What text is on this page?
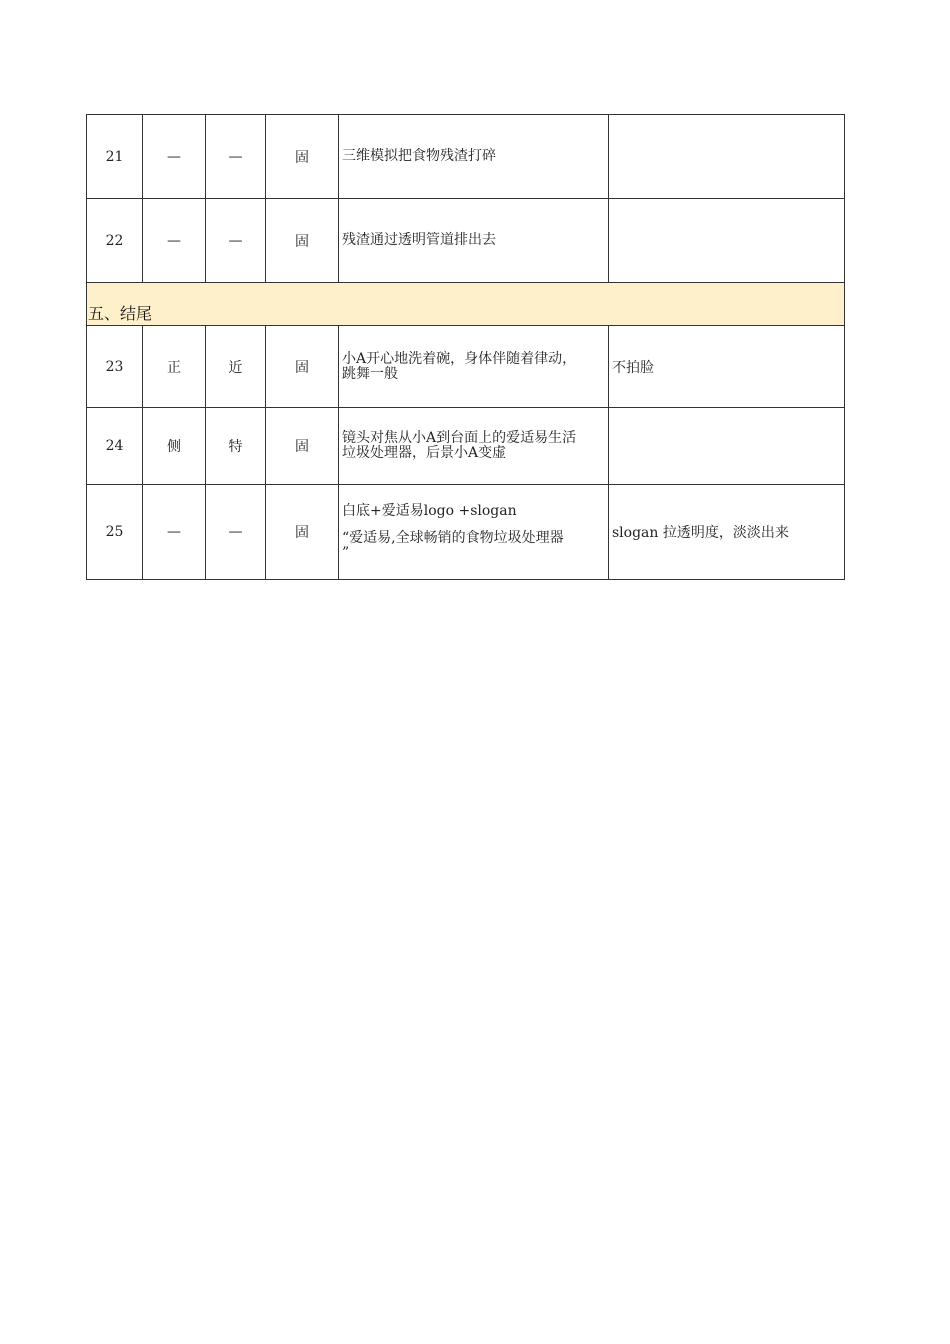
21	—	—	固	三维模拟把食物残渣打碎	

22	—	—	固	残渣通过透明管道排出去	

五、结尾					
23	正	近	固	小A开心地洗着碗，身体伴随着律动，
跳舞一般	不拍脸
24	侧	特	固	镜头对焦从小A到台面上的爱适易生活
垃圾处理器，后景小A变虚	

25	—	—	固	白底+爱适易logo +slogan
“爱适易,全球畅销的食物垃圾处理器
”	slogan 拉透明度，淡淡出来
